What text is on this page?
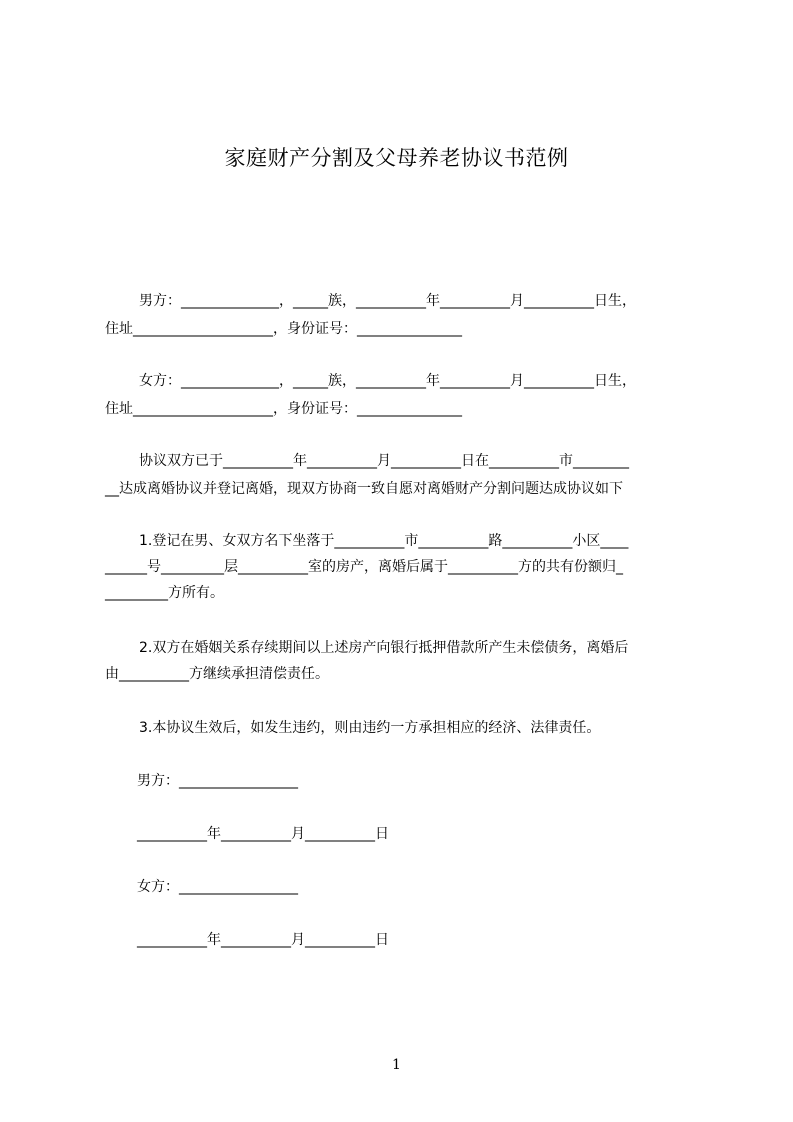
家庭财产分割及父母养老协议书范例
男方：______________，_____族，__________年__________月__________日生，
住址____________________，身份证号：_______________
女方：______________，_____族，__________年__________月__________日生，
住址____________________，身份证号：_______________
协议双方已于__________年__________月__________日在__________市________
__达成离婚协议并登记离婚，现双方协商一致自愿对离婚财产分割问题达成协议如下
1.登记在男、女双方名下坐落于__________市__________路__________小区____
______号_________层__________室的房产，离婚后属于__________方的共有份额归_
_________方所有。
2.双方在婚姻关系存续期间以上述房产向银行抵押借款所产生未偿债务，离婚后
由__________方继续承担清偿责任。
3.本协议生效后，如发生违约，则由违约一方承担相应的经济、法律责任。
男方：_________________
__________年__________月__________日
女方：_________________
__________年__________月__________日
1
